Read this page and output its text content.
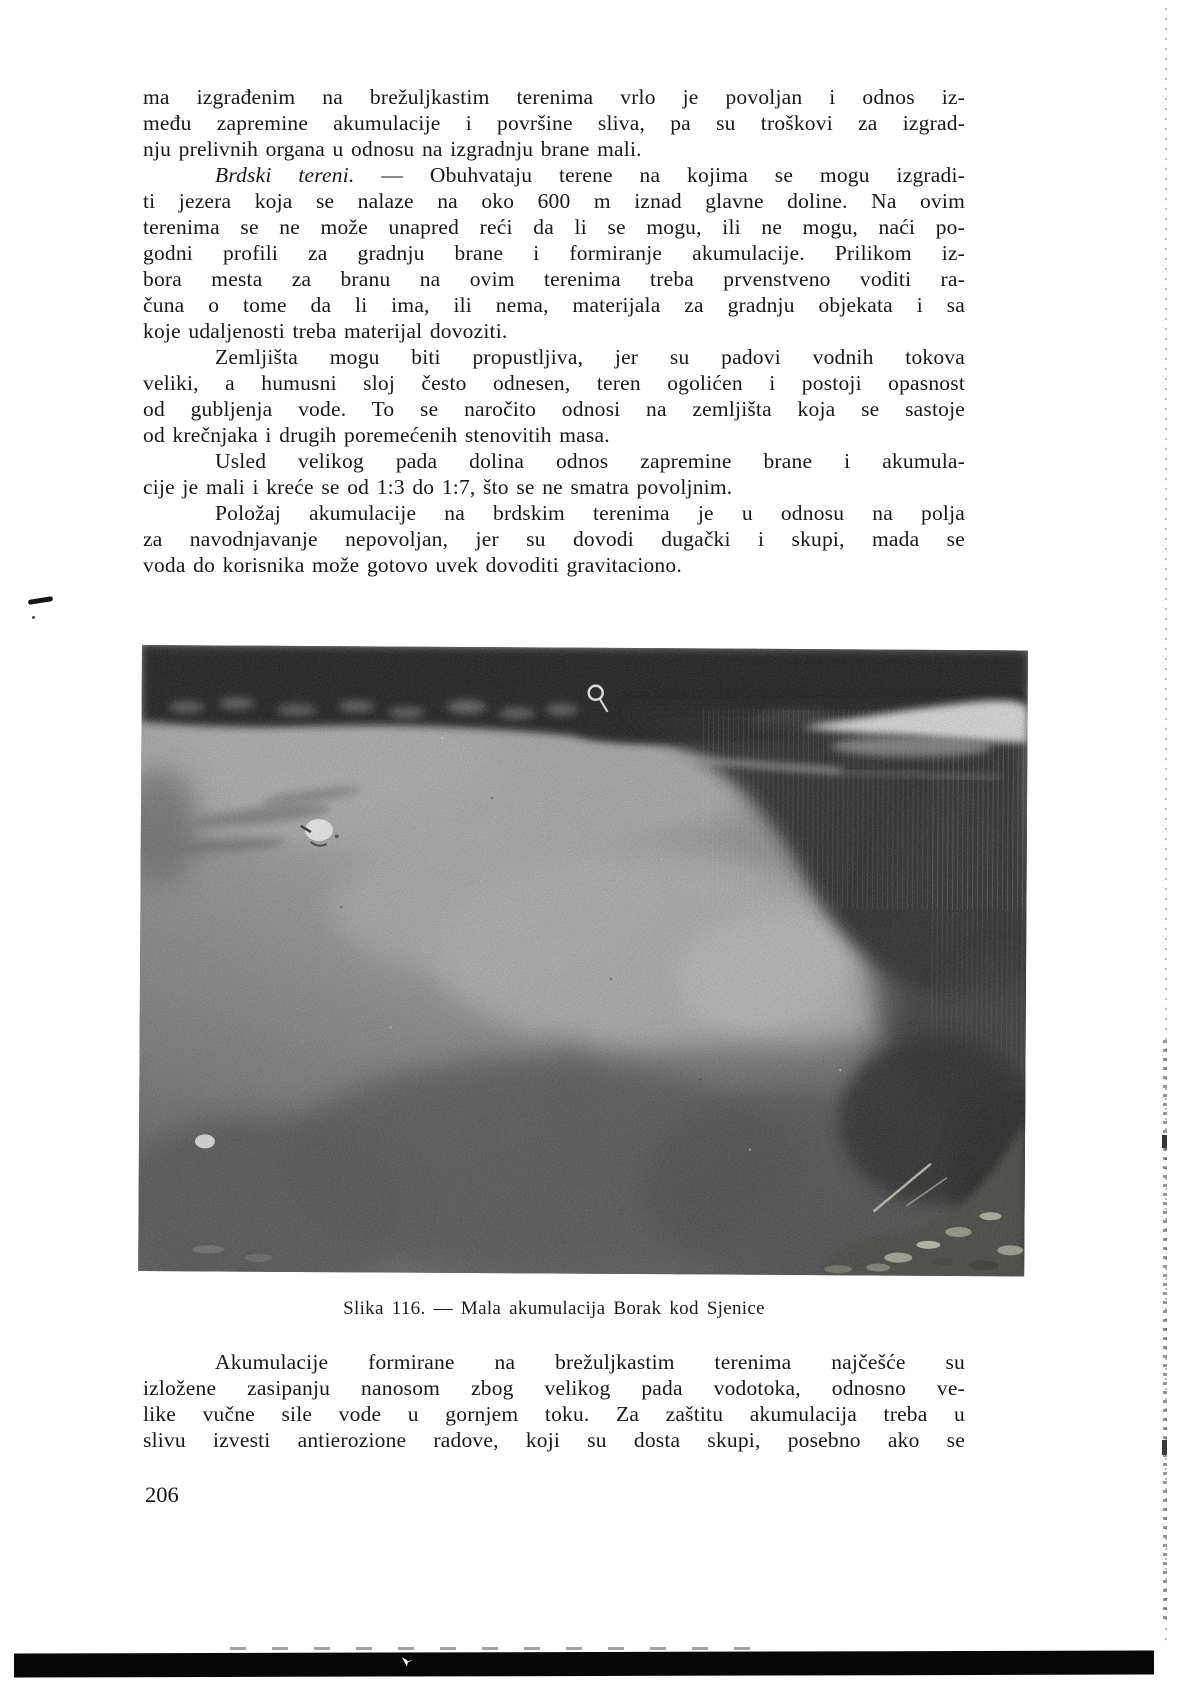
ma izgrađenim na brežuljkastim terenima vrlo je povoljan i odnos iz-
među zapremine akumulacije i površine sliva, pa su troškovi za izgrad-
nju prelivnih organa u odnosu na izgradnju brane mali.
Brdski tereni. — Obuhvataju terene na kojima se mogu izgradi-
ti jezera koja se nalaze na oko 600 m iznad glavne doline. Na ovim
terenima se ne može unapred reći da li se mogu, ili ne mogu, naći po-
godni profili za gradnju brane i formiranje akumulacije. Prilikom iz-
bora mesta za branu na ovim terenima treba prvenstveno voditi ra-
čuna o tome da li ima, ili nema, materijala za gradnju objekata i sa
koje udaljenosti treba materijal dovoziti.
Zemljišta mogu biti propustljiva, jer su padovi vodnih tokova
veliki, a humusni sloj često odnesen, teren ogolićen i postoji opasnost
od gubljenja vode. To se naročito odnosi na zemljišta koja se sastoje
od krečnjaka i drugih poremećenih stenovitih masa.
Usled velikog pada dolina odnos zapremine brane i akumula-
cije je mali i kreće se od 1:3 do 1:7, što se ne smatra povoljnim.
Položaj akumulacije na brdskim terenima je u odnosu na polja
za navodnjavanje nepovoljan, jer su dovodi dugački i skupi, mada se
voda do korisnika može gotovo uvek dovoditi gravitaciono.
Slika 116. — Mala akumulacija Borak kod Sjenice
Akumulacije formirane na brežuljkastim terenima najčešće su
izložene zasipanju nanosom zbog velikog pada vodotoka, odnosno ve-
like vučne sile vode u gornjem toku. Za zaštitu akumulacija treba u
slivu izvesti antierozione radove, koji su dosta skupi, posebno ako se
206
